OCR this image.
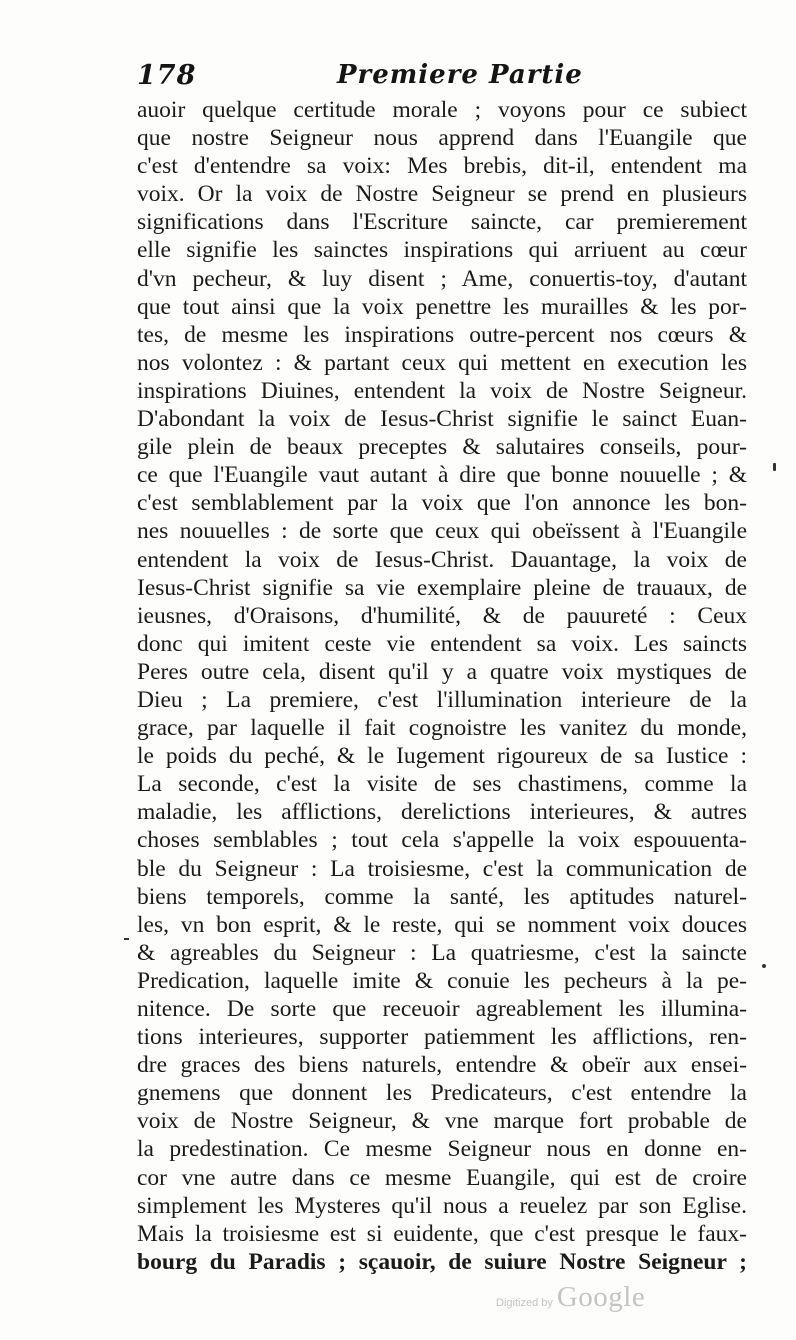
178	Premiere Partie
auoir quelque certitude morale ; voyons pour ce subiect
que nostre Seigneur nous apprend dans l'Euangile que
c'est d'entendre sa voix: Mes brebis, dit-il, entendent ma
voix. Or la voix de Nostre Seigneur se prend en plusieurs
significations dans l'Escriture saincte, car premierement
elle signifie les sainctes inspirations qui arriuent au cœur
d'vn pecheur, & luy disent ; Ame, conuertis-toy, d'autant
que tout ainsi que la voix penettre les murailles & les por-
tes, de mesme les inspirations outre-percent nos cœurs &
nos volontez : & partant ceux qui mettent en execution les
inspirations Diuines, entendent la voix de Nostre Seigneur.
D'abondant la voix de Iesus-Christ signifie le sainct Euan-
gile plein de beaux preceptes & salutaires conseils, pour-
ce que l'Euangile vaut autant à dire que bonne nouuelle ; &
c'est semblablement par la voix que l'on annonce les bon-
nes nouuelles : de sorte que ceux qui obeïssent à l'Euangile
entendent la voix de Iesus-Christ. Dauantage, la voix de
Iesus-Christ signifie sa vie exemplaire pleine de trauaux, de
ieusnes, d'Oraisons, d'humilité, & de pauureté : Ceux
donc qui imitent ceste vie entendent sa voix. Les saincts
Peres outre cela, disent qu'il y a quatre voix mystiques de
Dieu ; La premiere, c'est l'illumination interieure de la
grace, par laquelle il fait cognoistre les vanitez du monde,
le poids du peché, & le Iugement rigoureux de sa Iustice :
La seconde, c'est la visite de ses chastimens, comme la
maladie, les afflictions, derelictions interieures, & autres
choses semblables ; tout cela s'appelle la voix espouuenta-
ble du Seigneur : La troisiesme, c'est la communication de
biens temporels, comme la santé, les aptitudes naturel-
les, vn bon esprit, & le reste, qui se nomment voix douces
& agreables du Seigneur : La quatriesme, c'est la saincte
Predication, laquelle imite & conuie les pecheurs à la pe-
nitence. De sorte que receuoir agreablement les illumina-
tions interieures, supporter patiemment les afflictions, ren-
dre graces des biens naturels, entendre & obeïr aux ensei-
gnemens que donnent les Predicateurs, c'est entendre la
voix de Nostre Seigneur, & vne marque fort probable de
la predestination. Ce mesme Seigneur nous en donne en-
cor vne autre dans ce mesme Euangile, qui est de croire
simplement les Mysteres qu'il nous a reuelez par son Eglise.
Mais la troisiesme est si euidente, que c'est presque le faux-
bourg du Paradis ; sçauoir, de suiure Nostre Seigneur ;
Digitized by Google
